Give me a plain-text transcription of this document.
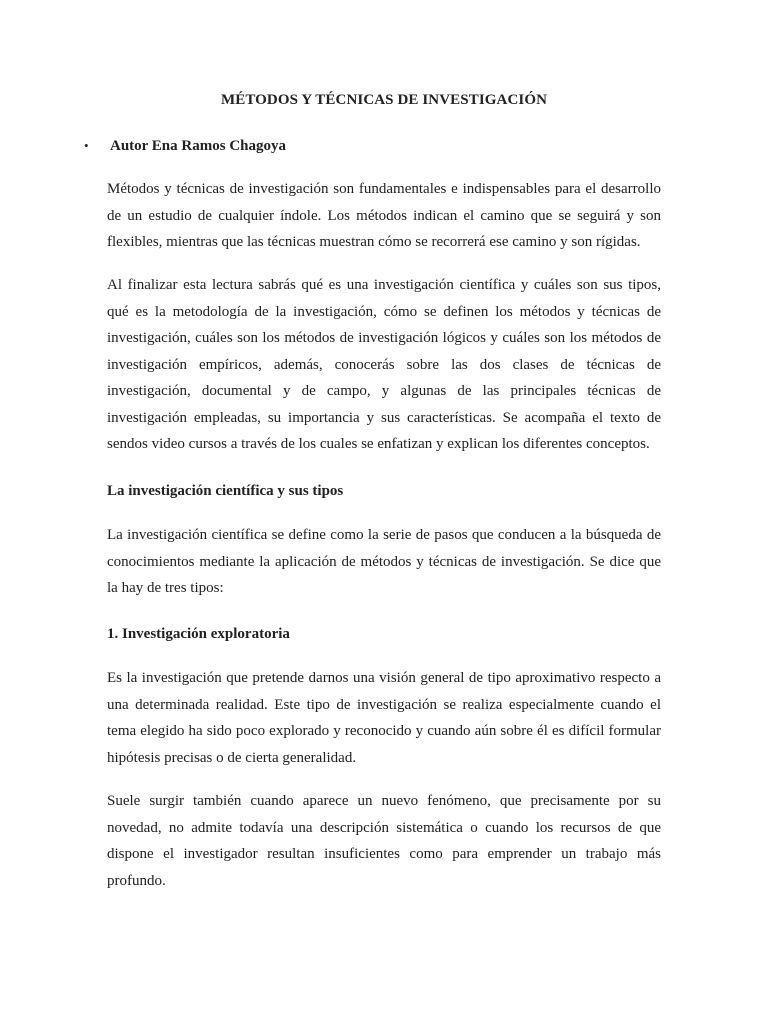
MÉTODOS Y TÉCNICAS DE INVESTIGACIÓN
• Autor Ena Ramos Chagoya

Métodos y técnicas de investigación son fundamentales e indispensables para el desarrollo
de un estudio de cualquier índole. Los métodos indican el camino que se seguirá y son
flexibles, mientras que las técnicas muestran cómo se recorrerá ese camino y son rígidas.

Al finalizar esta lectura sabrás qué es una investigación científica y cuáles son sus tipos,
qué es la metodología de la investigación, cómo se definen los métodos y técnicas de
investigación, cuáles son los métodos de investigación lógicos y cuáles son los métodos de
investigación empíricos, además, conocerás sobre las dos clases de técnicas de
investigación, documental y de campo, y algunas de las principales técnicas de
investigación empleadas, su importancia y sus características. Se acompaña el texto de
sendos video cursos a través de los cuales se enfatizan y explican los diferentes conceptos.

La investigación científica y sus tipos

La investigación científica se define como la serie de pasos que conducen a la búsqueda de
conocimientos mediante la aplicación de métodos y técnicas de investigación. Se dice que
la hay de tres tipos:

1. Investigación exploratoria

Es la investigación que pretende darnos una visión general de tipo aproximativo respecto a
una determinada realidad. Este tipo de investigación se realiza especialmente cuando el
tema elegido ha sido poco explorado y reconocido y cuando aún sobre él es difícil formular
hipótesis precisas o de cierta generalidad.

Suele surgir también cuando aparece un nuevo fenómeno, que precisamente por su
novedad, no admite todavía una descripción sistemática o cuando los recursos de que
dispone el investigador resultan insuficientes como para emprender un trabajo más
profundo.
